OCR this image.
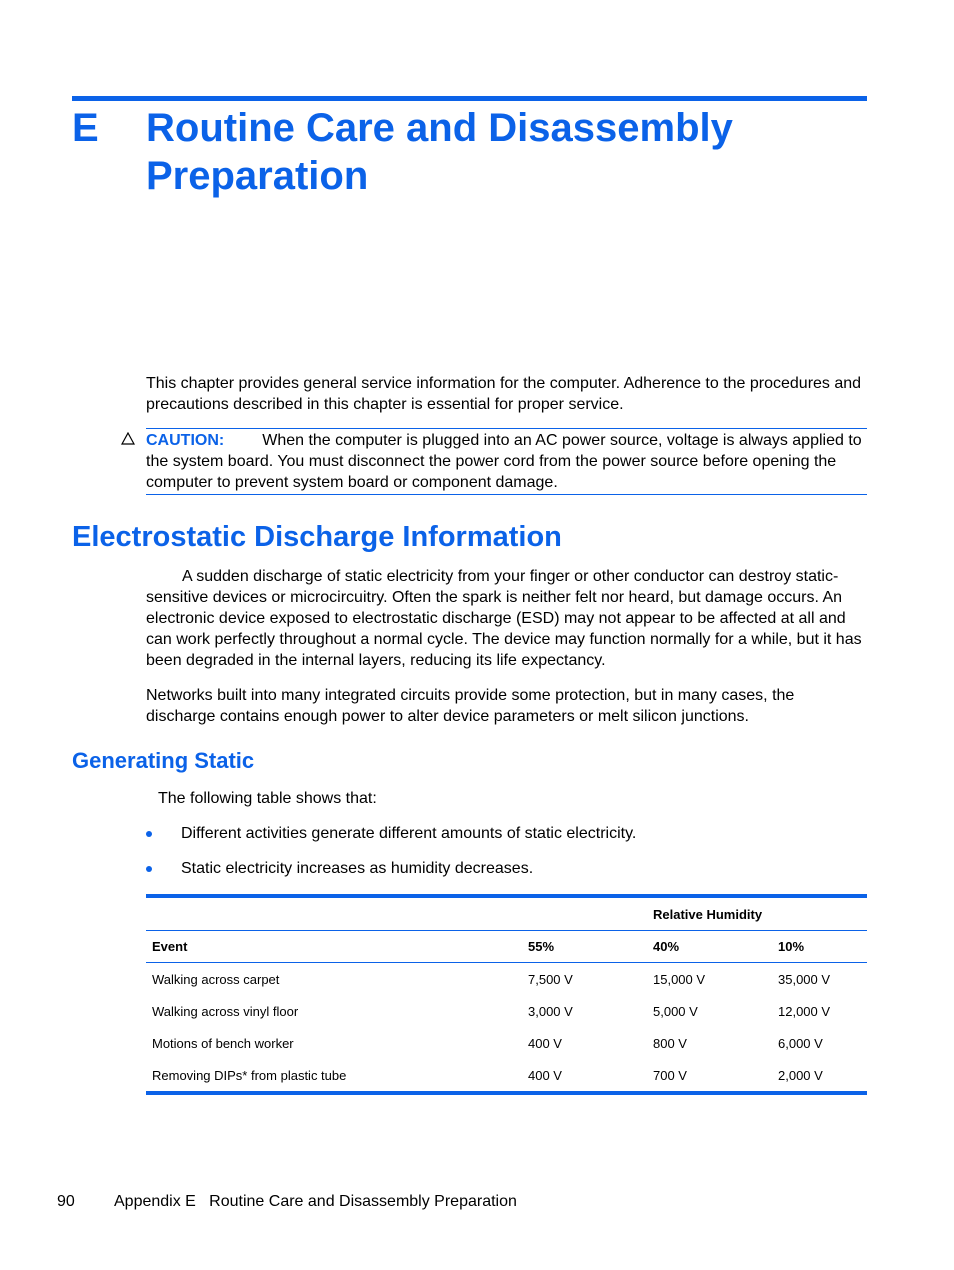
E Routine Care and Disassembly Preparation

This chapter provides general service information for the computer. Adherence to the procedures and precautions described in this chapter is essential for proper service.

CAUTION: When the computer is plugged into an AC power source, voltage is always applied to the system board. You must disconnect the power cord from the power source before opening the computer to prevent system board or component damage.
Electrostatic Discharge Information

A sudden discharge of static electricity from your finger or other conductor can destroy static-sensitive devices or microcircuitry. Often the spark is neither felt nor heard, but damage occurs. An electronic device exposed to electrostatic discharge (ESD) may not appear to be affected at all and can work perfectly throughout a normal cycle. The device may function normally for a while, but it has been degraded in the internal layers, reducing its life expectancy.

Networks built into many integrated circuits provide some protection, but in many cases, the discharge contains enough power to alter device parameters or melt silicon junctions.

Generating Static
The following table shows that:
Different activities generate different amounts of static electricity.
Static electricity increases as humidity decreases.
		Relative Humidity	
Event	55%	40%	10%
Walking across carpet	7,500 V	15,000 V	35,000 V
Walking across vinyl floor	3,000 V	5,000 V	12,000 V
Motions of bench worker	400 V	800 V	6,000 V
Removing DIPs* from plastic tube	400 V	700 V	2,000 V
90 Appendix E   Routine Care and Disassembly Preparation
